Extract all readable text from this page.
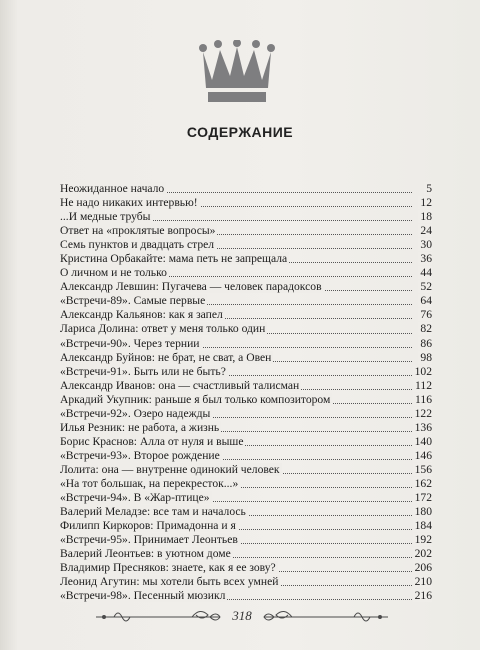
СОДЕРЖАНИЕ
Неожиданное начало	5
Не надо никаких интервью!	12
...И медные трубы	18
Ответ на «проклятые вопросы»	24
Семь пунктов и двадцать стрел	30
Кристина Орбакайте: мама петь не запрещала	36
О личном и не только	44
Александр Левшин: Пугачева — человек парадоксов	52
«Встречи-89». Самые первые	64
Александр Кальянов: как я запел	76
Лариса Долина: ответ у меня только один	82
«Встречи-90». Через тернии	86
Александр Буйнов: не брат, не сват, а Овен	98
«Встречи-91». Быть или не быть?	102
Александр Иванов: она — счастливый талисман	112
Аркадий Укупник: раньше я был только композитором	116
«Встречи-92». Озеро надежды	122
Илья Резник: не работа, а жизнь	136
Борис Краснов: Алла от нуля и выше	140
«Встречи-93». Второе рождение	146
Лолита: она — внутренне одинокий человек	156
«На тот большак, на перекресток...»	162
«Встречи-94». В «Жар-птице»	172
Валерий Меладзе: все там и началось	180
Филипп Киркоров: Примадонна и я	184
«Встречи-95». Принимает Леонтьев	192
Валерий Леонтьев: в уютном доме	202
Владимир Пресняков: знаете, как я ее зову?	206
Леонид Агутин: мы хотели быть всех умней	210
«Встречи-98». Песенный мюзикл	216
318
